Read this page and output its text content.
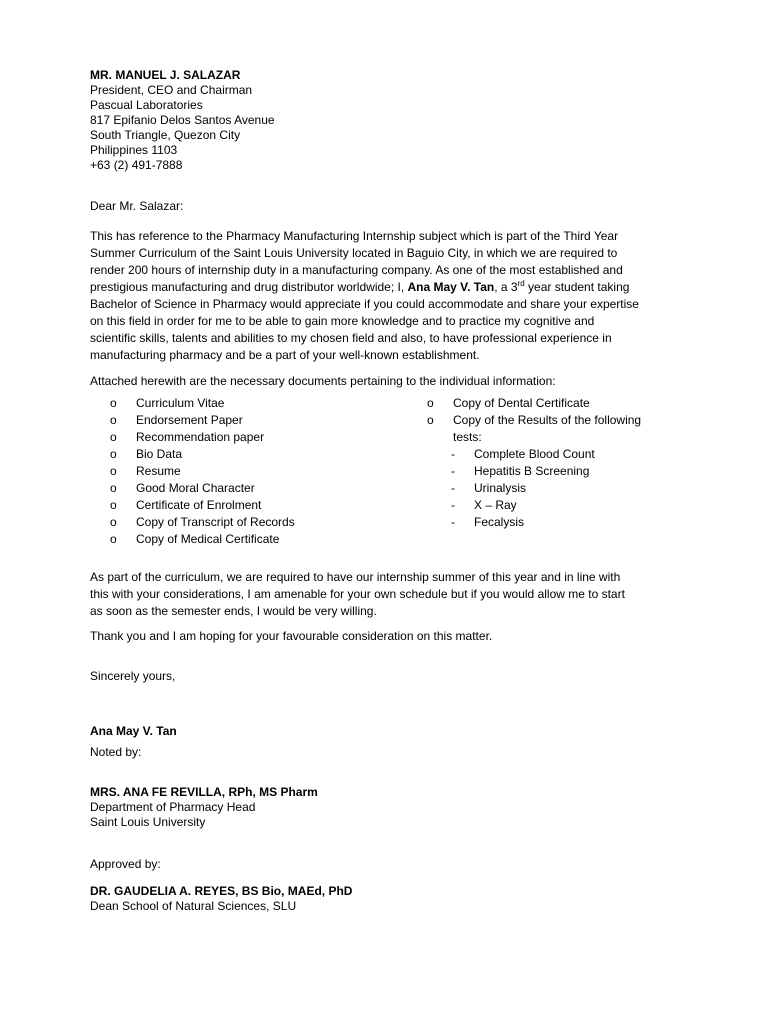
MR. MANUEL J. SALAZAR
President, CEO and Chairman
Pascual Laboratories
817 Epifanio Delos Santos Avenue
South Triangle, Quezon City
Philippines 1103
+63 (2) 491-7888
Dear Mr. Salazar:
This has reference to the Pharmacy Manufacturing Internship subject which is part of the Third Year
Summer Curriculum of the Saint Louis University located in Baguio City, in which we are required to
render 200 hours of internship duty in a manufacturing company. As one of the most established and
prestigious manufacturing and drug distributor worldwide; I, Ana May V. Tan, a 3rd year student taking
Bachelor of Science in Pharmacy would appreciate if you could accommodate and share your expertise
on this field in order for me to be able to gain more knowledge and to practice my cognitive and
scientific skills, talents and abilities to my chosen field and also, to have professional experience in
manufacturing pharmacy and be a part of your well-known establishment.
Attached herewith are the necessary documents pertaining to the individual information:
o	Curriculum Vitae
o	Endorsement Paper
o	Recommendation paper
o	Bio Data
o	Resume
o	Good Moral Character
o	Certificate of Enrolment
o	Copy of Transcript of Records
o	Copy of Medical Certificate
o	Copy of Dental Certificate
o	Copy of the Results of the following
tests:
- Complete Blood Count
- Hepatitis B Screening
- Urinalysis
- X – Ray
- Fecalysis
As part of the curriculum, we are required to have our internship summer of this year and in line with
this with your considerations, I am amenable for your own schedule but if you would allow me to start
as soon as the semester ends, I would be very willing.
Thank you and I am hoping for your favourable consideration on this matter.
Sincerely yours,
Ana May V. Tan
Noted by:
MRS. ANA FE REVILLA, RPh, MS Pharm
Department of Pharmacy Head
Saint Louis University
Approved by:
DR. GAUDELIA A. REYES, BS Bio, MAEd, PhD
Dean School of Natural Sciences, SLU
